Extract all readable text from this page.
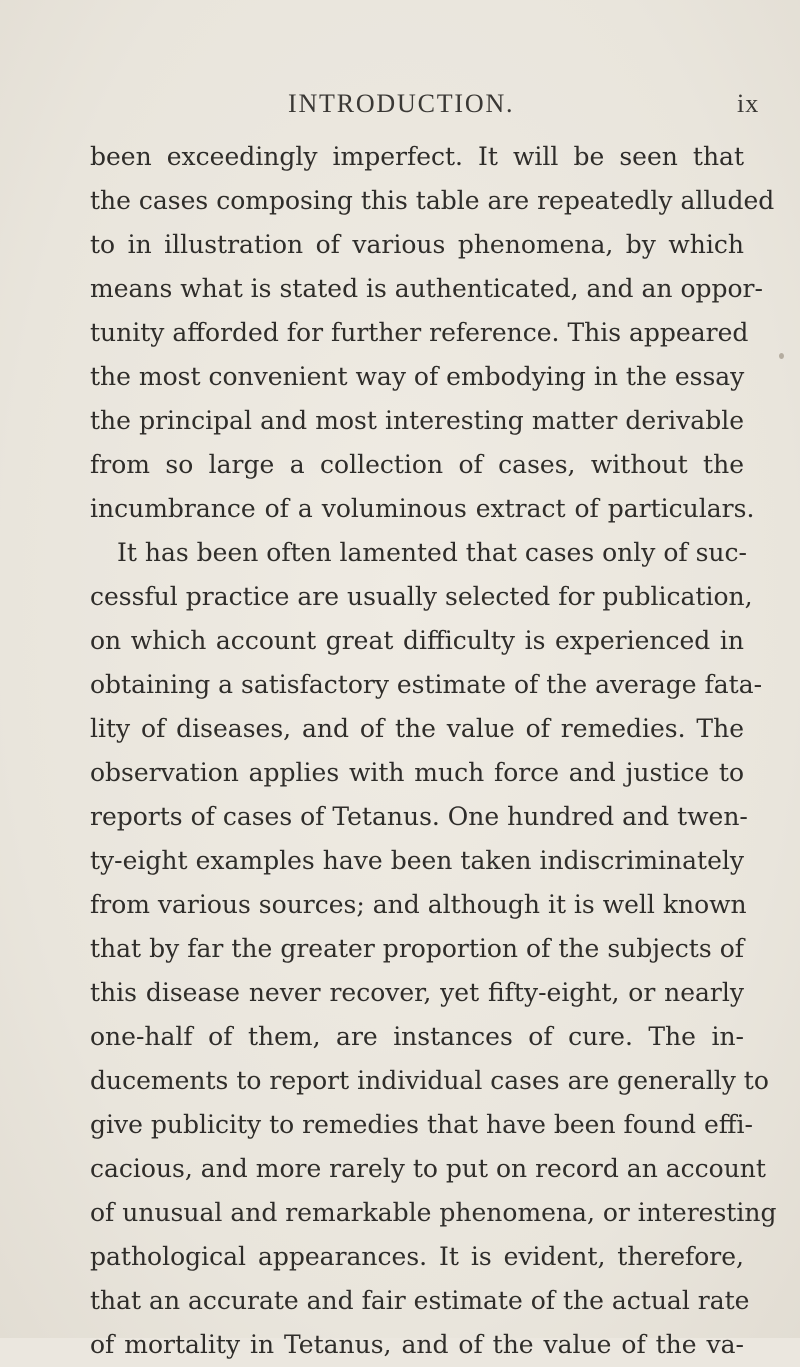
INTRODUCTION.	ix
been exceedingly imperfect. It will be seen that
the cases composing this table are repeatedly alluded
to in illustration of various phenomena, by which
means what is stated is authenticated, and an oppor-
tunity afforded for further reference. This appeared
the most convenient way of embodying in the essay
the principal and most interesting matter derivable
from so large a collection of cases, without the
incumbrance of a voluminous extract of particulars.
It has been often lamented that cases only of suc-
cessful practice are usually selected for publication,
on which account great difficulty is experienced in
obtaining a satisfactory estimate of the average fata-
lity of diseases, and of the value of remedies. The
observation applies with much force and justice to
reports of cases of Tetanus. One hundred and twen-
ty-eight examples have been taken indiscriminately
from various sources; and although it is well known
that by far the greater proportion of the subjects of
this disease never recover, yet fifty-eight, or nearly
one-half of them, are instances of cure. The in-
ducements to report individual cases are generally to
give publicity to remedies that have been found effi-
cacious, and more rarely to put on record an account
of unusual and remarkable phenomena, or interesting
pathological appearances. It is evident, therefore,
that an accurate and fair estimate of the actual rate
of mortality in Tetanus, and of the value of the va-
